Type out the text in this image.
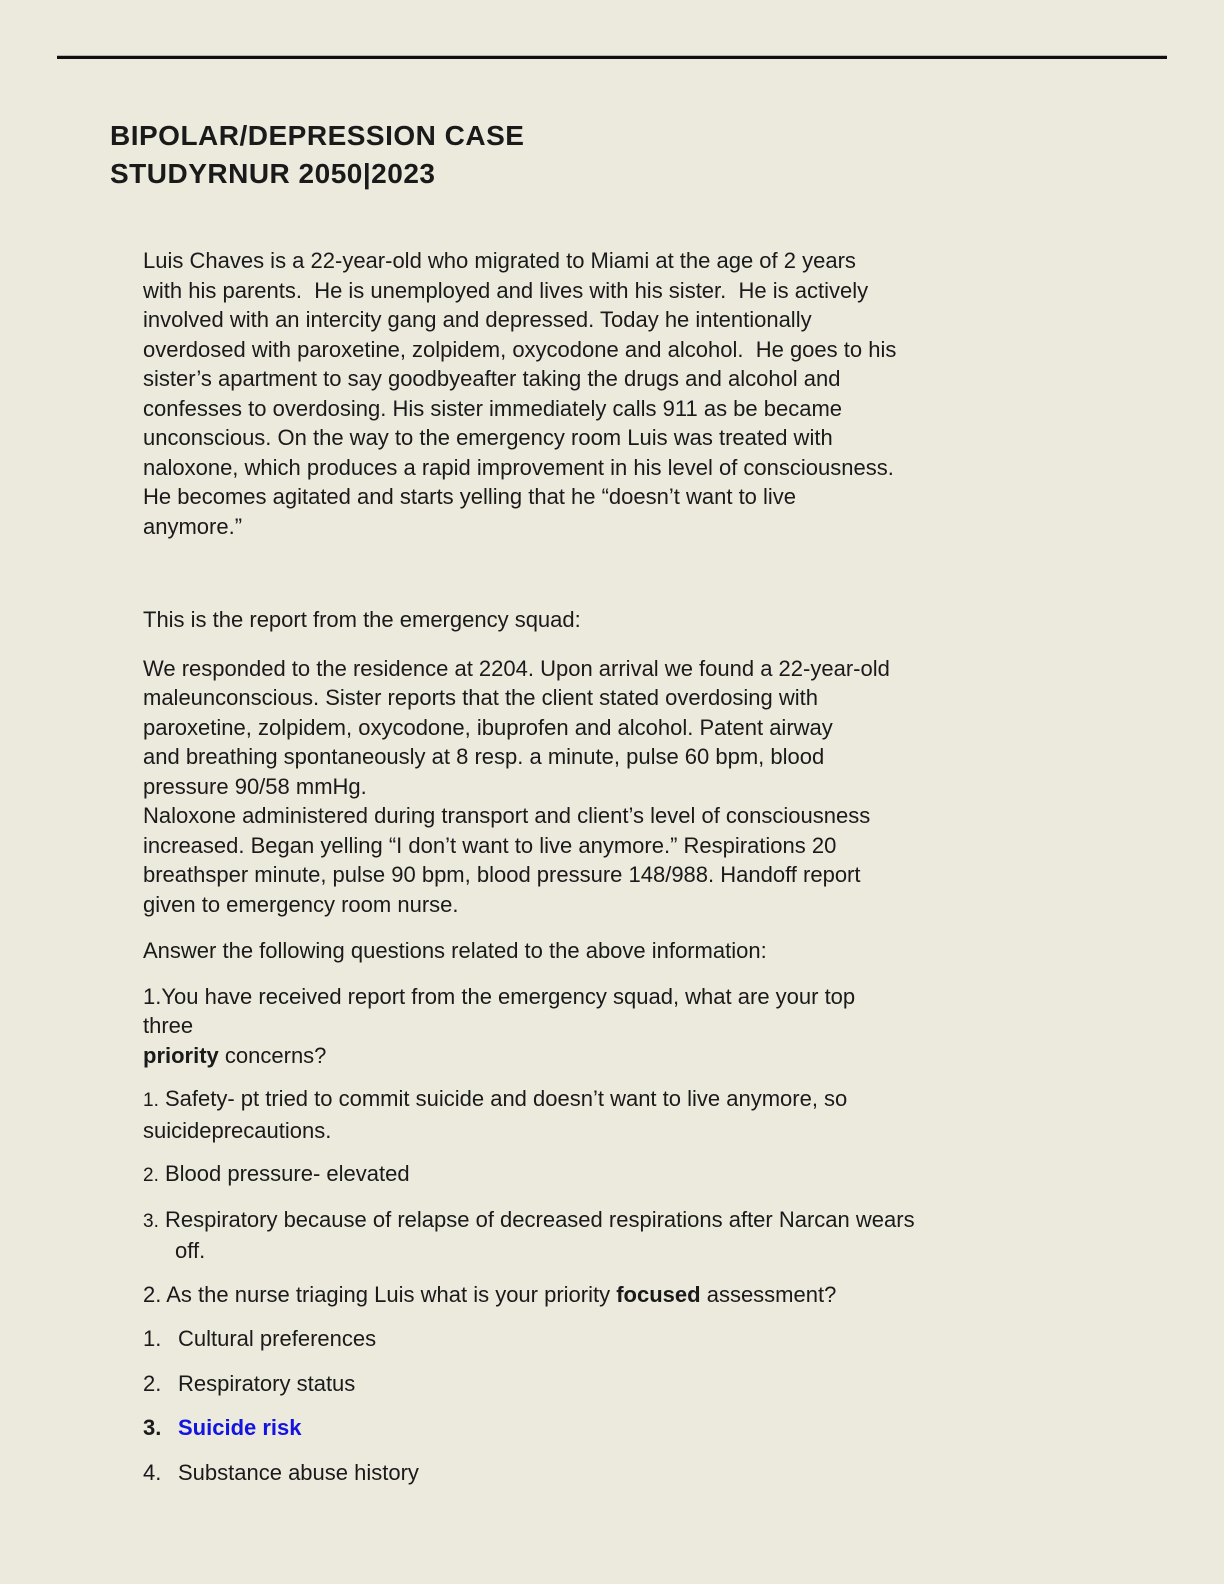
BIPOLAR/DEPRESSION CASE
STUDYRNUR 2050|2023
Luis Chaves is a 22-year-old who migrated to Miami at the age of 2 years
with his parents.  He is unemployed and lives with his sister.  He is actively
involved with an intercity gang and depressed. Today he intentionally
overdosed with paroxetine, zolpidem, oxycodone and alcohol.  He goes to his
sister’s apartment to say goodbyeafter taking the drugs and alcohol and
confesses to overdosing. His sister immediately calls 911 as be became
unconscious. On the way to the emergency room Luis was treated with
naloxone, which produces a rapid improvement in his level of consciousness.
He becomes agitated and starts yelling that he “doesn’t want to live
anymore.”
This is the report from the emergency squad:
We responded to the residence at 2204. Upon arrival we found a 22-year-old
maleunconscious. Sister reports that the client stated overdosing with
paroxetine, zolpidem, oxycodone, ibuprofen and alcohol. Patent airway
and breathing spontaneously at 8 resp. a minute, pulse 60 bpm, blood
pressure 90/58 mmHg.
Naloxone administered during transport and client’s level of consciousness
increased. Began yelling “I don’t want to live anymore.” Respirations 20
breathsper minute, pulse 90 bpm, blood pressure 148/988. Handoff report
given to emergency room nurse.
Answer the following questions related to the above information:
1.You have received report from the emergency squad, what are your top
three
priority concerns?
1. Safety- pt tried to commit suicide and doesn’t want to live anymore, so
suicideprecautions.
2. Blood pressure- elevated
3. Respiratory because of relapse of decreased respirations after Narcan wears
off.
2. As the nurse triaging Luis what is your priority focused assessment?
1. Cultural preferences
2. Respiratory status
3. Suicide risk
4. Substance abuse history
